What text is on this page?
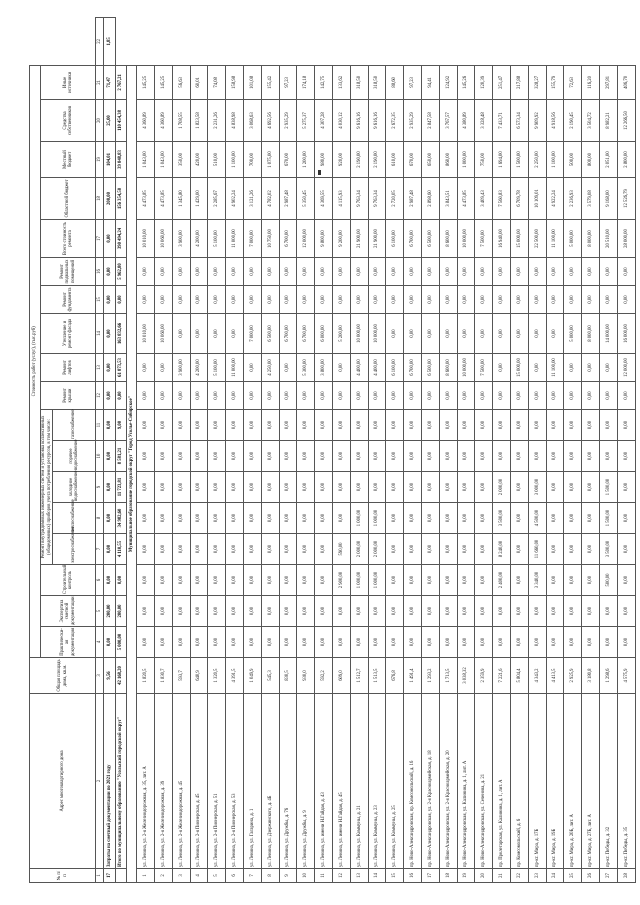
№ п/п	Адрес многоквартирного дома	Общая площадь дома, кв.м.	Стоимость работ (услуг), (тыс.руб)																		
			Практически-ая документация	Экспертиза сметной документации	Строительный контроль	Ремонт внутридомовых инженерных систем и установка коллективных (общедомовых) приборов учета потребления ресурсов, в том числе:					Ремонт крыши	Ремонт лифтов	Утепление и ремонт фасада	Ремонт фундамента	Ремонт подвальных помещений	Всего стоимость ремонта	Областной бюджет	Местный бюджет	Средства собственников	Иные источники	
						электроснабжение	теплоснабжение	холодное водоснабжение	горячее водоснабжение	газоснабжение											
1	2	3	4	5	6	7	8	9	10	11	12	13	14	15	16	17	18	19	20	21	22
17	Затраты на сметный документации по 2021 году	9,56	0,00	200,00	0,00	0,00	0,00	0,00	0,00	0,00	0,00	0,00	0,00	0,00	0,00	0,00	200,00	104,01	25,00	71,47	1,85
	Итого по муниципальному образованию "Усольский городской округ"	42 168,20	5 000,00	200,00	0,00	4 110,55	34 982,60	11 723,81	8 581,21	9,00	0,00	61 873,53	163 832,66	0,00	5 962,80	390 494,24	156 354,50	39 848,83	110 454,38	2 767,21	
Муниципальное образование городской округ "Город Усолье-Сибирское"																					
1	ул. Ленина, ул. 2-я Железнодорожная, д. 35, лит. А	1 820,5	0,00	0,00	0,00	0,00	0,00	0,00	0,00	0,00	0,00	0,00	10 010,00	0,00	0,00	10 010,00	4 473,85	1 043,00	4 360,89	145,25	
2	ул. Ленина, ул. 2-я Железнодорожная, д. 39	1 830,7	0,00	0,00	0,00	0,00	0,00	0,00	0,00	0,00	0,00	0,00	10 060,00	0,00	0,00	10 060,00	4 473,85	1 043,00	4 360,89	145,25	
3	ул. Ленина, ул. 2-я Железнодорожная, д. 45	593,7	0,00	0,00	0,00	0,00	0,00	0,00	0,00	0,00	0,00	3 900,00	0,00	0,00	0,00	3 900,00	1 345,80	350,00	1 708,55	56,63	
4	ул. Ленина, ул. 2-я Пионерская, д. 45	640,9	0,00	0,00	0,00	0,00	0,00	0,00	0,00	0,00	0,00	4 200,00	0,00	0,00	0,00	4 200,00	1 429,00	420,00	1 823,58	60,01	
5	ул. Ленина, ул. 2-я Пионерская, д. 51	1 320,5	0,00	0,00	0,00	0,00	0,00	0,00	0,00	0,00	0,00	5 100,00	0,00	0,00	0,00	5 100,00	2 285,67	510,00	2 231,26	74,08	
6	ул. Ленина, ул. 2-я Пионерская, д. 53	4 391,5	0,00	0,00	0,00	0,00	0,00	0,00	0,00	0,00	0,00	11 000,00	0,00	0,00	0,00	11 000,00	4 902,24	1 100,00	4 838,98	158,98	
7	ул. Ленина, ул. Гагарина, д. 1	1 049,9	0,00	0,00	0,00	0,00	0,00	0,00	0,00	0,00	0,00	0,00	7 000,00	0,00	0,00	7 000,00	3 121,26	700,00	3 068,63	101,08	
8	ул. Ленина, ул. Дзержинского, д. 4Б	545,3	0,00	0,00	0,00	0,00	0,00	0,00	0,00	0,00	0,00	4 250,00	6 500,00	0,00	0,00	10 750,00	4 782,02	1 075,00	4 692,56	155,42	
9	ул. Ленина, ул. Дружбы, д. 76	830,5	0,00	0,00	0,00	0,00	0,00	0,00	0,00	0,00	0,00	0,00	6 700,00	0,00	0,00	6 700,00	2 987,48	670,00	2 935,29	97,23	
10	ул. Ленина, ул. Дружбы, д. 9	930,0	0,00	0,00	0,00	0,00	0,00	0,00	0,00	0,00	0,00	5 300,00	6 700,00	0,00	0,00	12 000,00	5 350,45	1 200,00	5 275,37	174,18	
11	ул. Ленина, ул. имени Н.Гайдая, д. 43	592,2	0,00	0,00	0,00	0,00	0,00	0,00	0,00	0,00	0,00	3 800,00	6 000,00	0,00	0,00	9 800,00	4 369,55	980,00	4 307,28	142,75	
12	ул. Ленина, ул. имени Н.Гайдая, д. 45	609,0	0,00	0,00	2 900,00	590,00	0,00	0,00	0,00	0,00	0,00	0,00	5 200,00	0,00	0,00	9 200,00	4 115,93	920,00	4 030,12	133,62	
13	ул. Ленина, ул. Коммуны, д. 21	1 512,7	0,00	0,00	1 000,00	2 000,00	1 000,00	0,00	0,00	0,00	0,00	4 400,00	10 000,00	0,00	0,00	21 900,00	9 763,34	2 190,00	9 616,16	318,50	
14	ул. Ленина, ул. Коммуны, д. 23	1 513,5	0,00	0,00	1 000,00	2 000,00	1 000,00	0,00	0,00	0,00	0,00	4 400,00	10 000,00	0,00	0,00	21 900,00	9 763,34	2 190,00	9 616,16	318,50	
15	ул. Ленина, ул. Коммуны, д. 25	676,8	0,00	0,00	0,00	0,00	0,00	0,00	0,00	0,00	0,00	6 100,00	0,00	0,00	0,00	6 100,00	2 720,05	610,00	2 672,35	88,60	
16	пр. Ново-Александровская, пр. Комсомольский, д. 16	1 491,4	0,00	0,00	0,00	0,00	0,00	0,00	0,00	0,00	0,00	6 700,00	0,00	0,00	0,00	6 700,00	2 987,48	670,00	2 935,29	97,23	
17	пр. Ново-Александровская, ул. 2-я Красноармейская, д. 18	1 293,2	0,00	0,00	0,00	0,00	0,00	0,00	0,00	0,00	0,00	6 500,00	0,00	0,00	0,00	6 500,00	2 898,60	650,00	2 847,58	94,41	
18	пр. Ново-Александровская, ул. 2-я Красноармейская, д. 20	1 713,5	0,00	0,00	0,00	0,00	0,00	0,00	0,00	0,00	0,00	8 600,00	0,00	0,00	0,00	8 600,00	3 843,51	860,00	3 767,57	124,92	
19	пр. Ново-Александровская, ул. Калинина, д. 1, лит. А	3 038,32	0,00	0,00	0,00	0,00	0,00	0,00	0,00	0,00	0,00	10 000,00	0,00	0,00	0,00	10 000,00	4 473,85	1 000,00	4 380,89	145,26	
20	пр. Ново-Александровская, ул. Сеченова, д. 21	2 359,9	0,00	0,00	0,00	0,00	0,00	0,00	0,00	0,00	0,00	7 500,00	0,00	0,00	0,00	7 500,00	3 409,43	750,00	3 328,48	120,39	
21	пр. Пролетарская, ул. Калинина, д. 1, лит. А	7 221,6	0,00	0,00	2 400,00	8 240,00	3 500,00	2 000,00	0,00	0,00	0,00	0,00	0,00	0,00	0,00	16 940,00	7 560,83	1 694,00	7 433,71	251,47	
22	пр. Комсомольский, д. 6	5 804,4	0,00	0,00	0,00	0,00	0,00	0,00	0,00	0,00	0,00	15 000,00	0,00	0,00	0,00	15 000,00	6 709,78	1 500,00	6 573,34	217,88	
23	пр-кт. Мира, д. 17Б	4 343,2	0,00	0,00	3 340,00	11 660,00	4 500,00	3 000,00	0,00	0,00	0,00	0,00	0,00	0,00	0,00	22 500,00	10 109,01	2 250,00	9 909,92	328,27	
24	пр-кт. Мира, д. 19Б	4 413,5	0,00	0,00	0,00	0,00	0,00	0,00	0,00	0,00	0,00	11 100,00	0,00	0,00	0,00	11 100,00	4 922,24	1 100,00	4 918,56	155,79	
25	пр-кт. Мира, д. 20Б, лит. А	2 925,9	0,00	0,00	0,00	0,00	0,00	0,00	0,00	0,00	0,00	0,00	5 000,00	0,00	0,00	5 000,00	2 236,93	500,00	2 190,45	72,63	
26	пр-кт. Мира, д. 27Б, лит. А	3 180,8	0,00	0,00	0,00	0,00	0,00	0,00	0,00	0,00	0,00	0,00	8 000,00	0,00	0,00	8 000,00	3 579,08	800,00	3 504,72	116,20	
27	пр-кт. Победы, д. 32	1 298,6	0,00	0,00	500,00	3 500,00	1 500,00	1 500,00	0,00	0,00	0,00	0,00	14 000,00	0,00	0,00	20 510,00	9 168,00	2 051,00	8 982,21	297,81	
28	пр-кт. Победы, д. 35	4 575,9	0,00	0,00	0,00	0,00	0,00	0,00	0,00	0,00	0,00	12 000,00	16 000,00	0,00	0,00	28 000,00	12 526,79	2 800,00	12 266,50	406,70	
